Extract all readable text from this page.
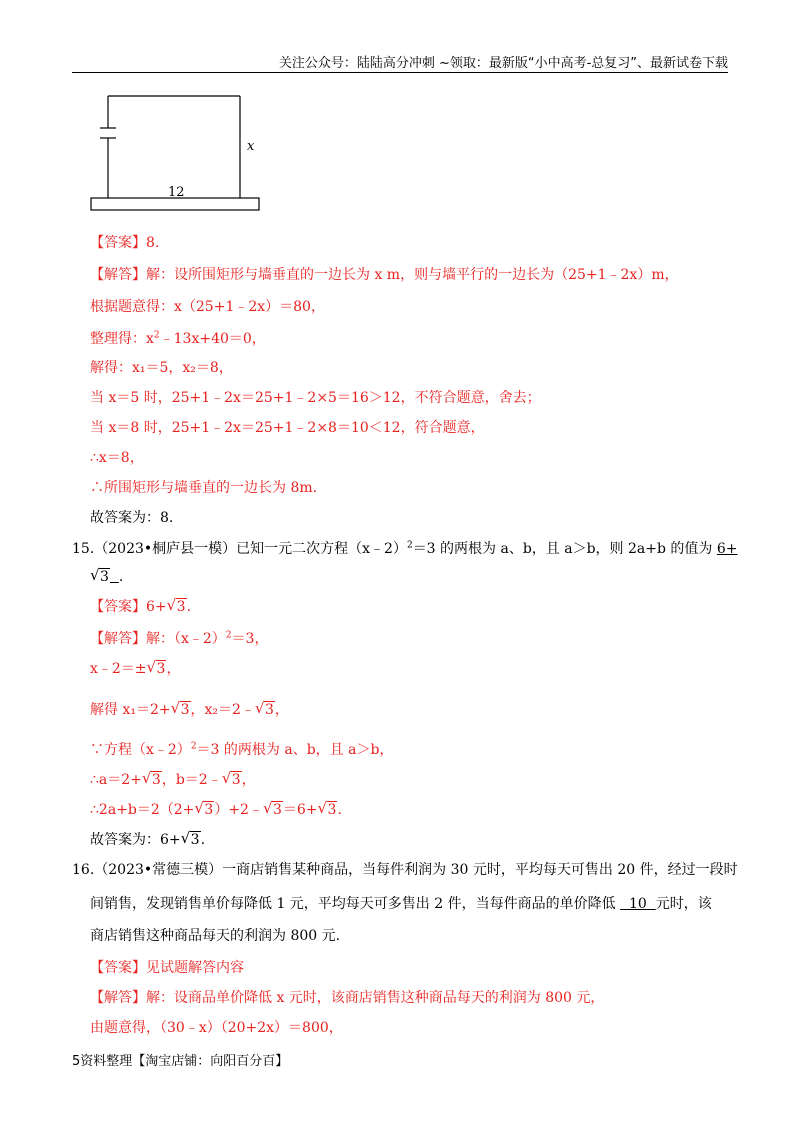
关注公众号：陆陆高分冲刺 ~领取：最新版“小中高考-总复习”、最新试卷下载
x
12
【答案】8.
【解答】解：设所围矩形与墙垂直的一边长为 x m，则与墙平行的一边长为（25+1﹣2x）m，
根据题意得：x（25+1﹣2x）＝80，
整理得：$x^2﹣13x+40=0$，
解得：x₁＝5，x₂＝8，
当 x＝5 时，25+1﹣2x＝25+1﹣2×5＝16＞12，不符合题意，舍去；
当 x＝8 时，25+1﹣2x＝25+1﹣2×8＝10＜12，符合题意，
∴x＝8，
∴所围矩形与墙垂直的一边长为 8m.
故答案为：8.
15.（2023•桐庐县一模）已知一元二次方程（x﹣2）$^2$＝3 的两根为 a、b，且 a＞b，则 2a+b 的值为 6+
√ 3 .
【答案】6+ √ 3.
【解答】解：（x﹣2）$^2$＝3，
x﹣2＝± √ 3，
解得 x₁＝2+ √ 3，x₂＝2﹣ √ 3，
∵方程（x﹣2）$^2$＝3 的两根为 a、b，且 a＞b，
∴a＝2+ √ 3，b＝2﹣ √ 3，
∴2a+b＝2（2+ √ 3）+2﹣ √ 3＝6+ √ 3.
故答案为：6+ √ 3.
16.（2023•常德三模）一商店销售某种商品，当每件利润为 30 元时，平均每天可售出 20 件，经过一段时
间销售，发现销售单价每降低 1 元，平均每天可多售出 2 件，当每件商品的单价降低 10 元时，该
商店销售这种商品每天的利润为 800 元.
【答案】见试题解答内容
【解答】解：设商品单价降低 x 元时，该商店销售这种商品每天的利润为 800 元，
由题意得，（30﹣x）（20+2x）＝800，
5资料整理【淘宝店铺：向阳百分百】
